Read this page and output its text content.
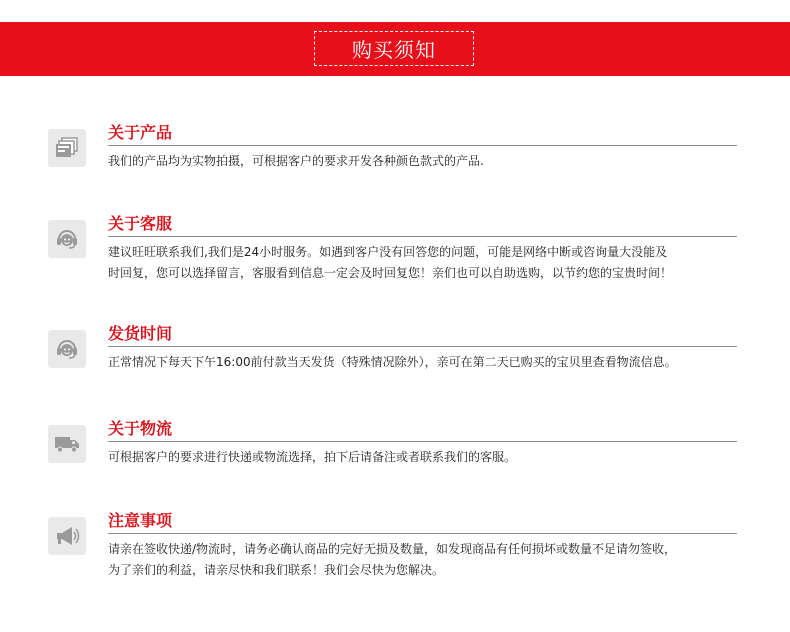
购买须知
关于产品

我们的产品均为实物拍摄，可根据客户的要求开发各种颜色款式的产品.

关于客服

建议旺旺联系我们,我们是24小时服务。如遇到客户没有回答您的问题，可能是网络中断或咨询量大没能及

时回复，您可以选择留言，客服看到信息一定会及时回复您！亲们也可以自助选购，以节约您的宝贵时间！

发货时间

正常情况下每天下午16:00前付款当天发货（特殊情况除外），亲可在第二天已购买的宝贝里查看物流信息。

关于物流

可根据客户的要求进行快递或物流选择，拍下后请备注或者联系我们的客服。

注意事项

请亲在签收快递/物流时，请务必确认商品的完好无损及数量，如发现商品有任何损坏或数量不足请勿签收，

为了亲们的利益，请亲尽快和我们联系！我们会尽快为您解决。
